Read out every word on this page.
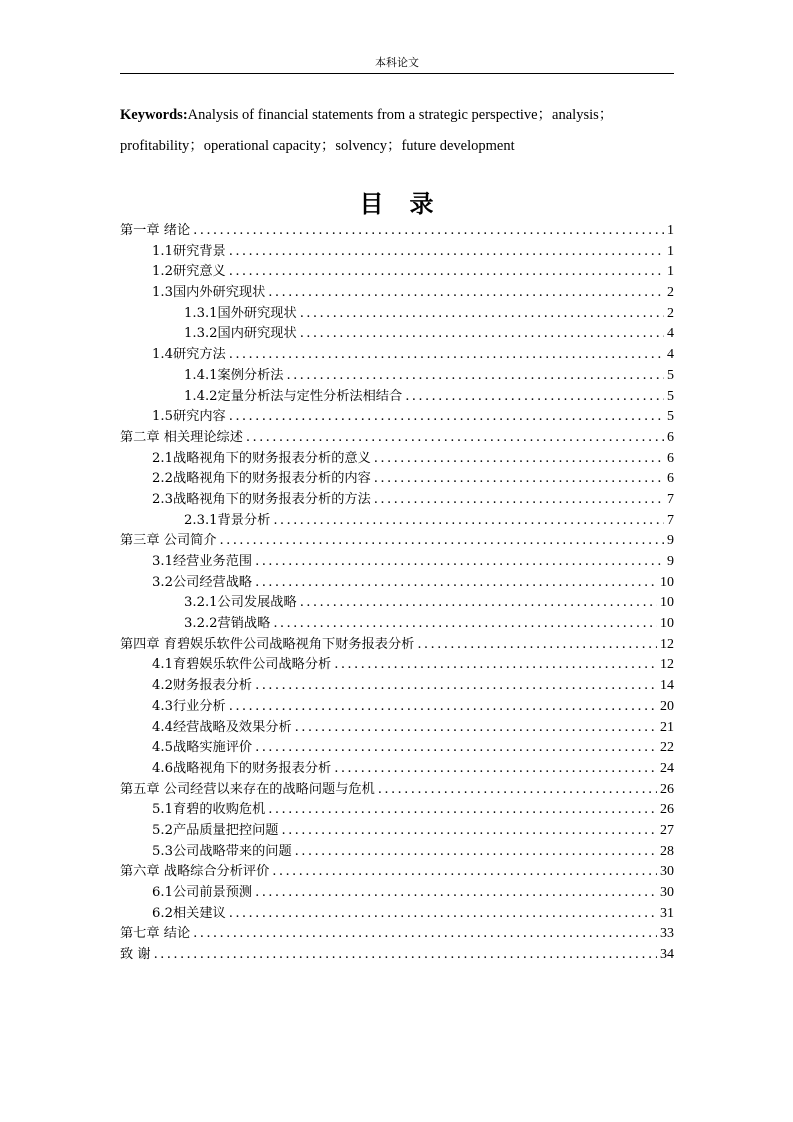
本科论文
Keywords:Analysis of financial statements from a strategic perspective；analysis；profitability；operational capacity；solvency；future development
目录
第一章 绪论 .....	1
1.1研究背景 .....	1
1.2研究意义 .....	1
1.3国内外研究现状 .....	2
1.3.1国外研究现状 .....	2
1.3.2国内研究现状 .....	4
1.4研究方法 .....	4
1.4.1案例分析法 .....	5
1.4.2定量分析法与定性分析法相结合 .....	5
1.5研究内容 .....	5
第二章 相关理论综述 .....	6
2.1战略视角下的财务报表分析的意义 .....	6
2.2战略视角下的财务报表分析的内容 .....	6
2.3战略视角下的财务报表分析的方法 .....	7
2.3.1背景分析 .....	7
第三章 公司简介 .....	9
3.1经营业务范围 .....	9
3.2公司经营战略 .....	10
3.2.1公司发展战略 .....	10
3.2.2营销战略 .....	10
第四章 育碧娱乐软件公司战略视角下财务报表分析 .....	12
4.1育碧娱乐软件公司战略分析 .....	12
4.2财务报表分析 .....	14
4.3行业分析 .....	20
4.4经营战略及效果分析 .....	21
4.5战略实施评价 .....	22
4.6战略视角下的财务报表分析 .....	24
第五章 公司经营以来存在的战略问题与危机 .....	26
5.1育碧的收购危机 .....	26
5.2产品质量把控问题 .....	27
5.3公司战略带来的问题 .....	28
第六章 战略综合分析评价 .....	30
6.1公司前景预测 .....	30
6.2相关建议 .....	31
第七章 结论 .....	33
致 谢 .....	34
